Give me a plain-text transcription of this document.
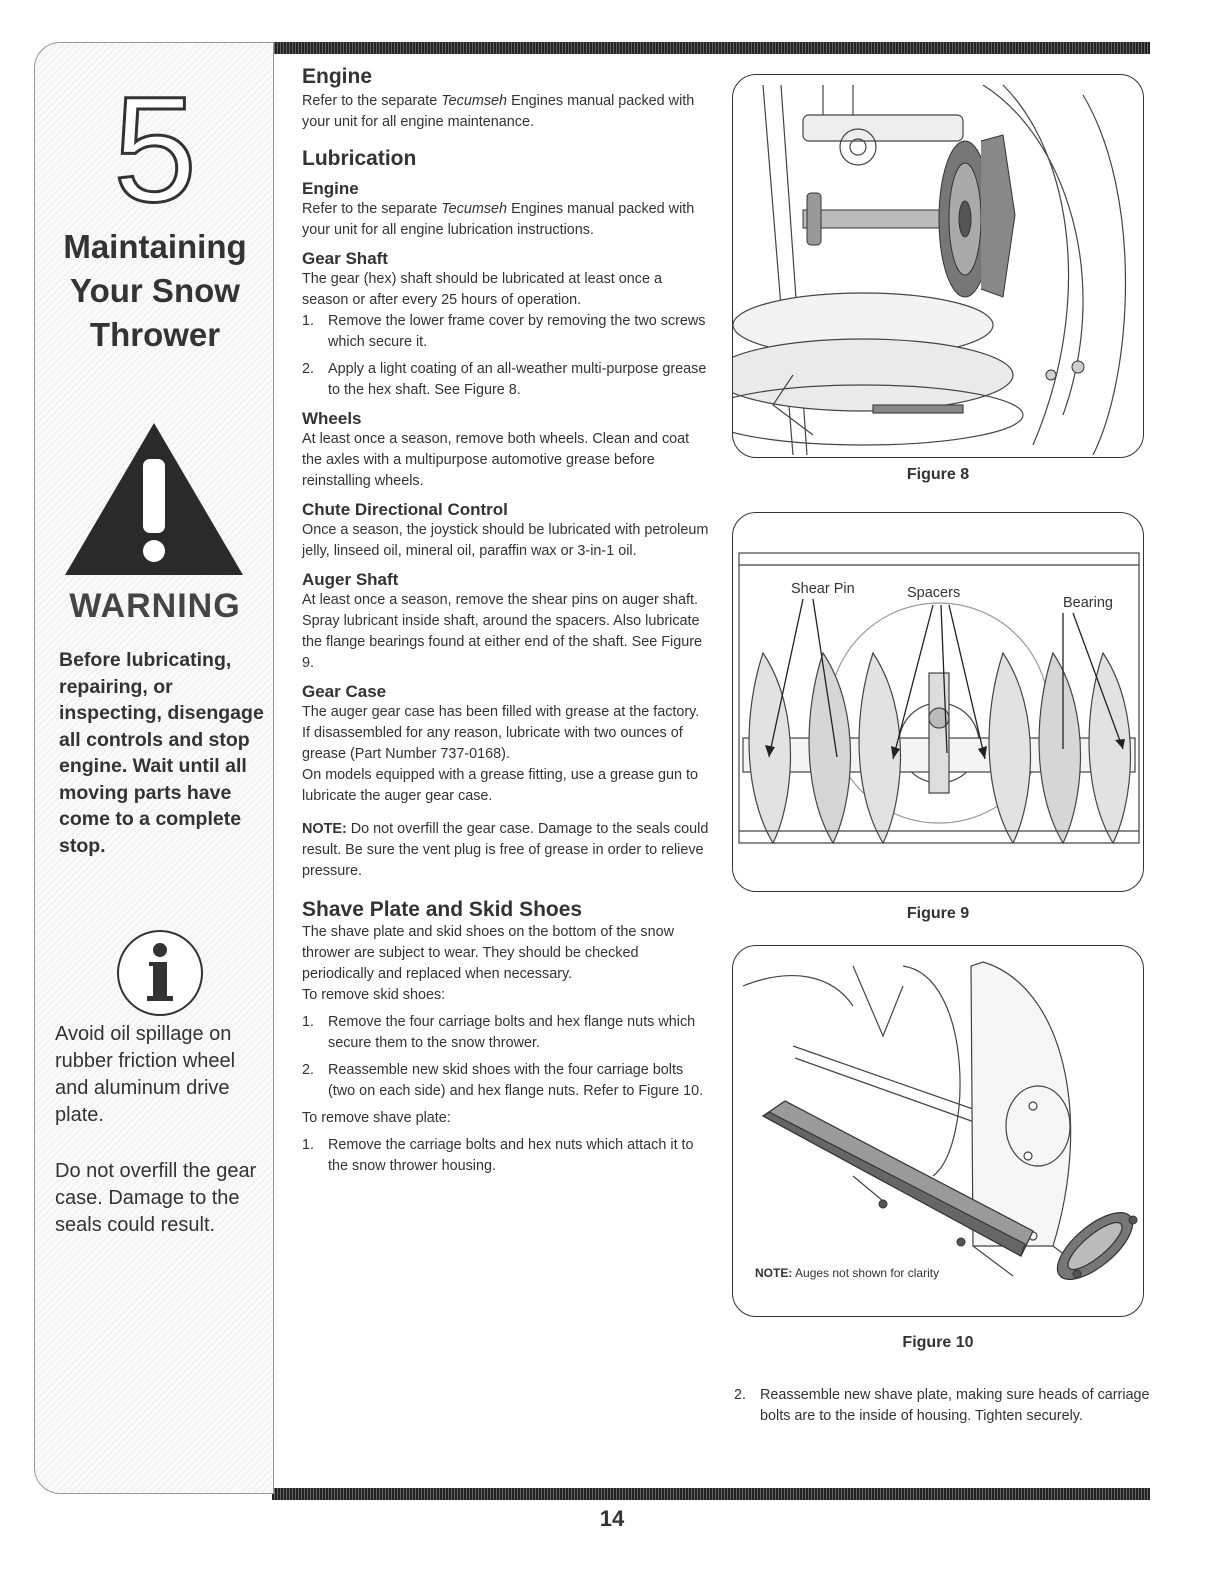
5
Maintaining
Your Snow
Thrower
WARNING
Before lubricating, repairing, or inspecting, disengage all controls and stop engine. Wait until all moving parts have come to a complete stop.
Avoid oil spillage on rubber friction wheel and aluminum drive plate.
Do not overfill the gear case. Damage to the seals could result.
Engine
Refer to the separate Tecumseh Engines manual packed with your unit for all engine maintenance.
Lubrication
Engine
Refer to the separate Tecumseh Engines manual packed with your unit for all engine lubrication instructions.
Gear Shaft
The gear (hex) shaft should be lubricated at least once a season or after every 25 hours of operation.
1. Remove the lower frame cover by removing the two screws which secure it.
2. Apply a light coating of an all-weather multi-purpose grease to the hex shaft. See Figure 8.
Wheels
At least once a season, remove both wheels. Clean and coat the axles with a multipurpose automotive grease before reinstalling wheels.
Chute Directional Control
Once a season, the joystick should be lubricated with petroleum jelly, linseed oil, mineral oil, paraffin wax or 3-in-1 oil.
Auger Shaft
At least once a season, remove the shear pins on auger shaft. Spray lubricant inside shaft, around the spacers. Also lubricate the flange bearings found at either end of the shaft. See Figure 9.
Gear Case
The auger gear case has been filled with grease at the factory. If disassembled for any reason, lubricate with two ounces of grease (Part Number 737-0168).
On models equipped with a grease fitting, use a grease gun to lubricate the auger gear case.
NOTE: Do not overfill the gear case. Damage to the seals could result. Be sure the vent plug is free of grease in order to relieve pressure.
Shave Plate and Skid Shoes
The shave plate and skid shoes on the bottom of the snow thrower are subject to wear. They should be checked periodically and replaced when necessary.
To remove skid shoes:
1. Remove the four carriage bolts and hex flange nuts which secure them to the snow thrower.
2. Reassemble new skid shoes with the four carriage bolts (two on each side) and hex flange nuts. Refer to Figure 10.
To remove shave plate:
1. Remove the carriage bolts and hex nuts which attach it to the snow thrower housing.
Figure 8
Shear Pin	Spacers
Bearing
Figure 9
NOTE: Auges not shown for clarity
Figure 10
2. Reassemble new shave plate, making sure heads of carriage bolts are to the inside of housing. Tighten securely.
14
